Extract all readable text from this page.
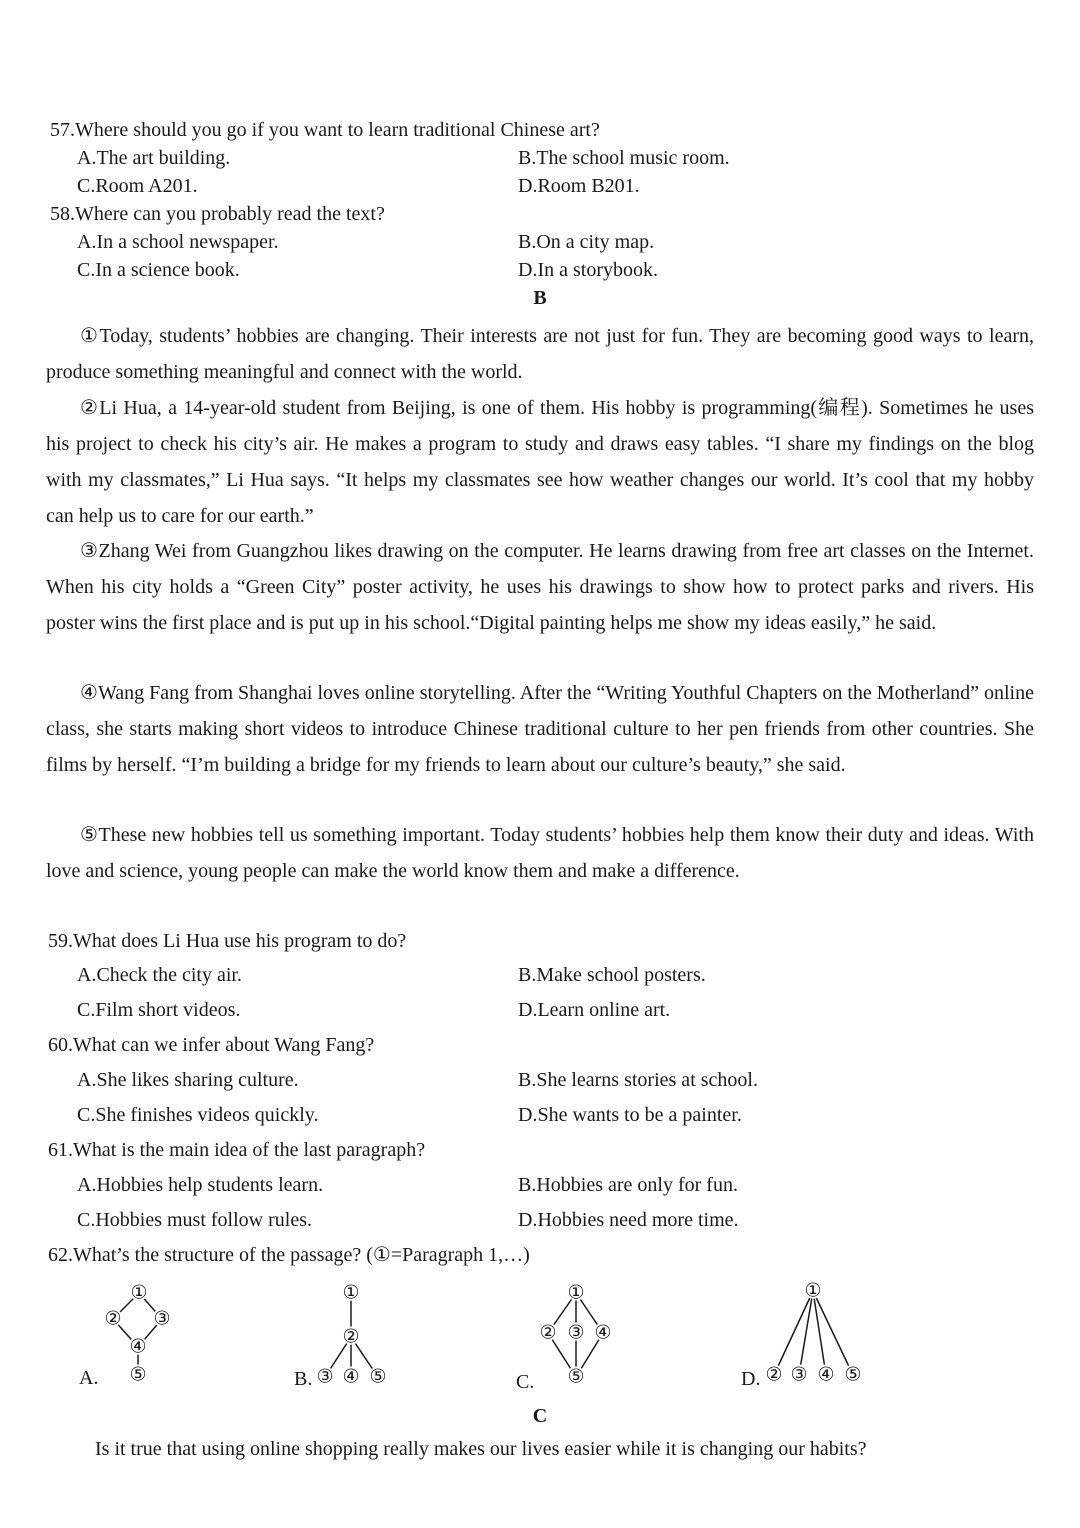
57.Where should you go if you want to learn traditional Chinese art?
A.The art building.	B.The school music room.
C.Room A201.	D.Room B201.
58.Where can you probably read the text?
A.In a school newspaper.	B.On a city map.
C.In a science book.	D.In a storybook.
B
①Today, students’ hobbies are changing. Their interests are not just for fun. They are becoming good ways to learn, produce something meaningful and connect with the world.
②Li Hua, a 14-year-old student from Beijing, is one of them. His hobby is programming(编程). Sometimes he uses his project to check his city’s air. He makes a program to study and draws easy tables. “I share my findings on the blog with my classmates,” Li Hua says. “It helps my classmates see how weather changes our world. It’s cool that my hobby can help us to care for our earth.”
③Zhang Wei from Guangzhou likes drawing on the computer. He learns drawing from free art classes on the Internet. When his city holds a “Green City” poster activity, he uses his drawings to show how to protect parks and rivers. His poster wins the first place and is put up in his school.“Digital painting helps me show my ideas easily,” he said.
④Wang Fang from Shanghai loves online storytelling. After the “Writing Youthful Chapters on the Motherland” online class, she starts making short videos to introduce Chinese traditional culture to her pen friends from other countries. She films by herself. “I’m building a bridge for my friends to learn about our culture’s beauty,” she said.
⑤These new hobbies tell us something important. Today students’ hobbies help them know their duty and ideas. With love and science, young people can make the world know them and make a difference.
59.What does Li Hua use his program to do?
A.Check the city air.	B.Make school posters.
C.Film short videos.	D.Learn online art.
60.What can we infer about Wang Fang?
A.She likes sharing culture.	B.She learns stories at school.
C.She finishes videos quickly.	D.She wants to be a painter.
61.What is the main idea of the last paragraph?
A.Hobbies help students learn.	B.Hobbies are only for fun.
C.Hobbies must follow rules.	D.Hobbies need more time.
62.What’s the structure of the passage? (①=Paragraph 1,…)
①
② ③
④
⑤
①
②
③ ④ ⑤
①
② ③ ④
⑤
①
② ③ ④ ⑤
A.	B.	C.	D.
C
Is it true that using online shopping really makes our lives easier while it is changing our habits?
